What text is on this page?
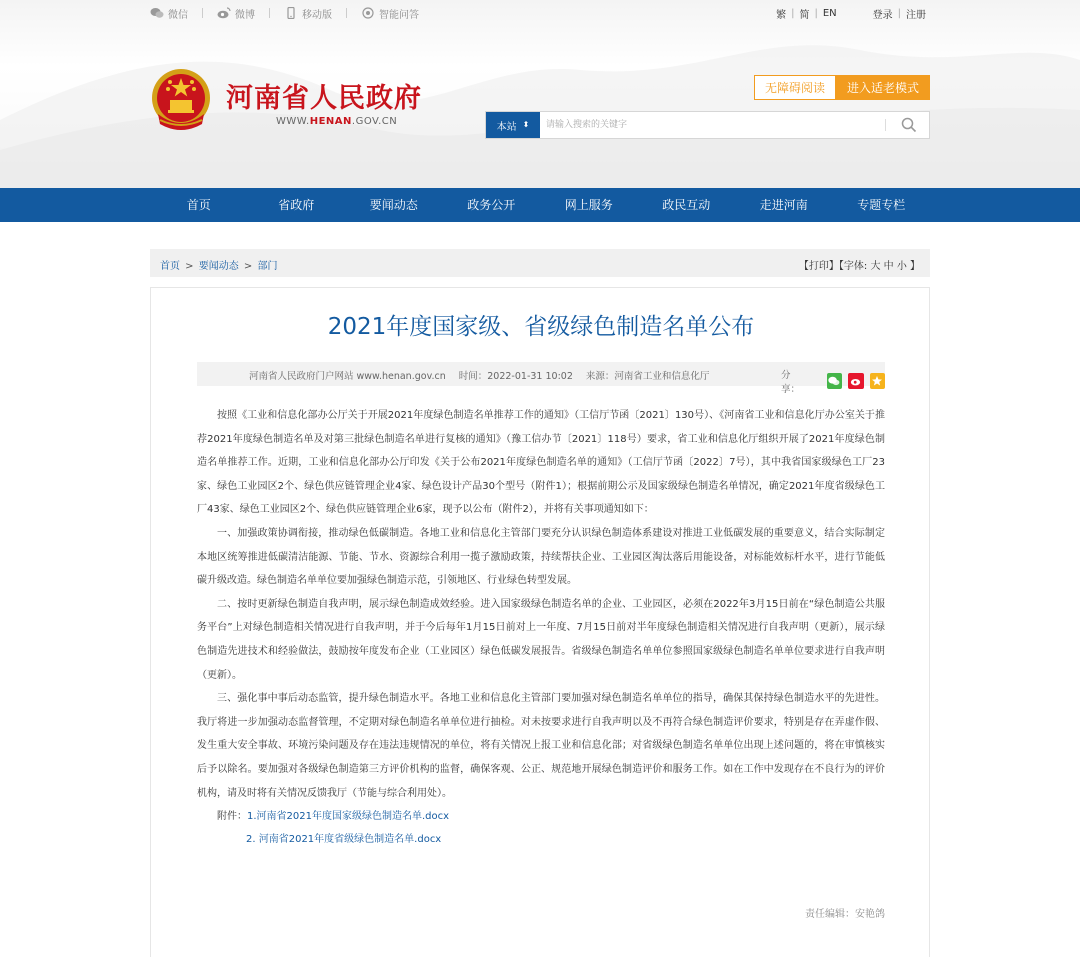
微信	微博	移动版	智能问答	繁 | 简 | EN	登录 | 注册
河南省人民政府
WWW.HENAN.GOV.CN
无障碍阅读	进入适老模式
本站 ⬍
请输入搜索的关键字
首页	省政府	要闻动态	政务公开	网上服务	政民互动	走进河南	专题专栏
首页 > 要闻动态 > 部门	【打印】【字体: 大 中 小 】
2021年度国家级、省级绿色制造名单公布
河南省人民政府门户网站 www.henan.gov.cn 时间：2022-01-31 10:02 来源：河南省工业和信息化厅	分享：

按照《工业和信息化部办公厅关于开展2021年度绿色制造名单推荐工作的通知》（工信厅节函〔2021〕130号）、《河南省工业和信息化厅办公室关于推荐2021年度绿色制造名单及对第三批绿色制造名单进行复核的通知》（豫工信办节〔2021〕118号）要求，省工业和信息化厅组织开展了2021年度绿色制造名单推荐工作。近期，工业和信息化部办公厅印发《关于公布2021年度绿色制造名单的通知》（工信厅节函〔2022〕7号），其中我省国家级绿色工厂23家、绿色工业园区2个、绿色供应链管理企业4家、绿色设计产品30个型号（附件1）；根据前期公示及国家级绿色制造名单情况，确定2021年度省级绿色工厂43家、绿色工业园区2个、绿色供应链管理企业6家，现予以公布（附件2），并将有关事项通知如下：

一、加强政策协调衔接，推动绿色低碳制造。各地工业和信息化主管部门要充分认识绿色制造体系建设对推进工业低碳发展的重要意义，结合实际制定本地区统筹推进低碳清洁能源、节能、节水、资源综合利用一揽子激励政策，持续帮扶企业、工业园区淘汰落后用能设备，对标能效标杆水平，进行节能低碳升级改造。绿色制造名单单位要加强绿色制造示范，引领地区、行业绿色转型发展。

二、按时更新绿色制造自我声明，展示绿色制造成效经验。进入国家级绿色制造名单的企业、工业园区，必须在2022年3月15日前在“绿色制造公共服务平台”上对绿色制造相关情况进行自我声明，并于今后每年1月15日前对上一年度、7月15日前对半年度绿色制造相关情况进行自我声明（更新），展示绿色制造先进技术和经验做法，鼓励按年度发布企业（工业园区）绿色低碳发展报告。省级绿色制造名单单位参照国家级绿色制造名单单位要求进行自我声明（更新）。

三、强化事中事后动态监管，提升绿色制造水平。各地工业和信息化主管部门要加强对绿色制造名单单位的指导，确保其保持绿色制造水平的先进性。我厅将进一步加强动态监督管理，不定期对绿色制造名单单位进行抽检。对未按要求进行自我声明以及不再符合绿色制造评价要求，特别是存在弄虚作假、发生重大安全事故、环境污染问题及存在违法违规情况的单位，将有关情况上报工业和信息化部；对省级绿色制造名单单位出现上述问题的，将在审慎核实后予以除名。要加强对各级绿色制造第三方评价机构的监督，确保客观、公正、规范地开展绿色制造评价和服务工作。如在工作中发现存在不良行为的评价机构，请及时将有关情况反馈我厅（节能与综合利用处）。

附件：1.河南省2021年度国家级绿色制造名单.docx
2. 河南省2021年度省级绿色制造名单.docx
责任编辑：安艳鸽
